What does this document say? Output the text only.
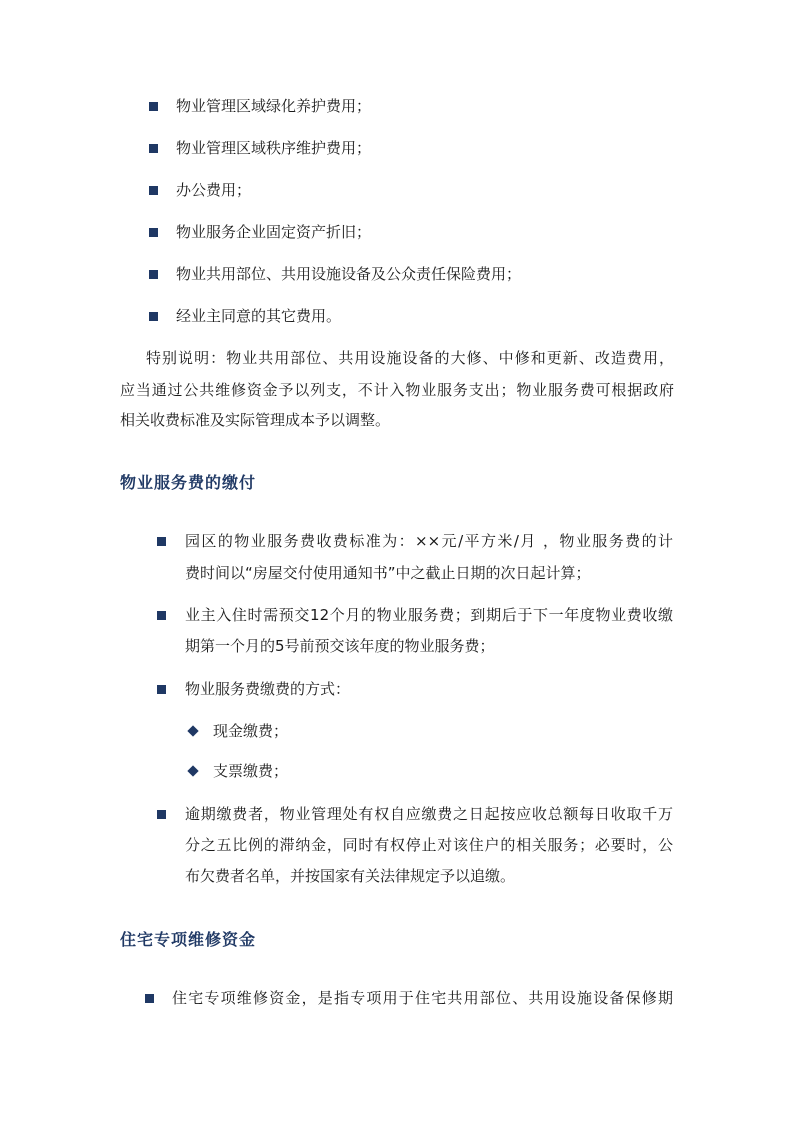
物业管理区域绿化养护费用；
物业管理区域秩序维护费用；
办公费用；
物业服务企业固定资产折旧；
物业共用部位、共用设施设备及公众责任保险费用；
经业主同意的其它费用。
特别说明：物业共用部位、共用设施设备的大修、中修和更新、改造费用，
应当通过公共维修资金予以列支，不计入物业服务支出；物业服务费可根据政府
相关收费标准及实际管理成本予以调整。
物业服务费的缴付
园区的物业服务费收费标准为：××元/平方米/月 ，物业服务费的计
费时间以“房屋交付使用通知书”中之截止日期的次日起计算；
业主入住时需预交12个月的物业服务费；到期后于下一年度物业费收缴
期第一个月的5号前预交该年度的物业服务费；
物业服务费缴费的方式：
现金缴费；
支票缴费；
逾期缴费者，物业管理处有权自应缴费之日起按应收总额每日收取千万
分之五比例的滞纳金，同时有权停止对该住户的相关服务；必要时，公
布欠费者名单，并按国家有关法律规定予以追缴。
住宅专项维修资金
住宅专项维修资金，是指专项用于住宅共用部位、共用设施设备保修期
